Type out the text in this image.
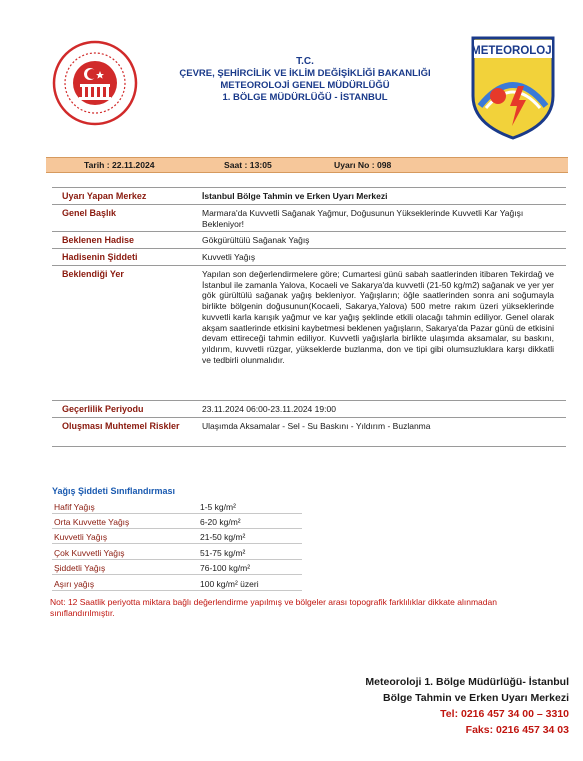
T.C.
ÇEVRE, ŞEHİRCİLİK VE İKLİM DEĞİŞİKLİĞİ BAKANLIĞI
METEOROLOJİ GENEL MÜDÜRLÜĞÜ
1. BÖLGE MÜDÜRLÜĞÜ - İSTANBUL
METEOROLOJİ
Tarih : 22.11.2024	Saat : 13:05	Uyarı No : 098
Uyarı Yapan Merkez	İstanbul Bölge Tahmin ve Erken Uyarı Merkezi
Genel Başlık	Marmara'da Kuvvetli Sağanak Yağmur, Doğusunun Yükseklerinde Kuvvetli Kar Yağışı Bekleniyor!
Beklenen Hadise	Gökgürültülü Sağanak Yağış
Hadisenin Şiddeti	Kuvvetli Yağış
Beklendiği Yer	Yapılan son değerlendirmelere göre; Cumartesi günü sabah saatlerinden itibaren Tekirdağ ve İstanbul ile zamanla Yalova, Kocaeli ve Sakarya'da kuvvetli (21-50 kg/m2) sağanak ve yer yer gök gürültülü sağanak yağış bekleniyor. Yağışların; öğle saatlerinden sonra ani soğumayla birlikte bölgenin doğusunun(Kocaeli, Sakarya,Yalova) 500 metre rakım üzeri yükseklerinde kuvvetli karla karışık yağmur ve kar yağış şeklinde etkili olacağı tahmin ediliyor. Genel olarak akşam saatlerinde etkisini kaybetmesi beklenen yağışların, Sakarya'da Pazar günü de etkisini devam ettireceği tahmin ediliyor. Kuvvetli yağışlarla birlikte ulaşımda aksamalar, su baskını, yıldırım, kuvvetli rüzgar, yükseklerde buzlanma, don ve tipi gibi olumsuzluklara karşı dikkatli ve tedbirli olunmalıdır.
Geçerlilik Periyodu	23.11.2024 06:00-23.11.2024 19:00
Oluşması Muhtemel Riskler	Ulaşımda Aksamalar - Sel - Su Baskını - Yıldırım - Buzlanma
Yağış Şiddeti Sınıflandırması
Hafif Yağış	1-5 kg/m²
Orta Kuvvette Yağış	6-20 kg/m²
Kuvvetli Yağış	21-50 kg/m²
Çok Kuvvetli Yağış	51-75 kg/m²
Şiddetli Yağış	76-100 kg/m²
Aşırı yağış	100 kg/m² üzeri
Not: 12 Saatlik periyotta miktara bağlı değerlendirme yapılmış ve bölgeler arası topografik farklılıklar dikkate alınmadan sınıflandırılmıştır.
Meteoroloji 1. Bölge Müdürlüğü- İstanbul
Bölge Tahmin ve Erken Uyarı Merkezi
Tel: 0216 457 34 00 – 3310
Faks: 0216 457 34 03
